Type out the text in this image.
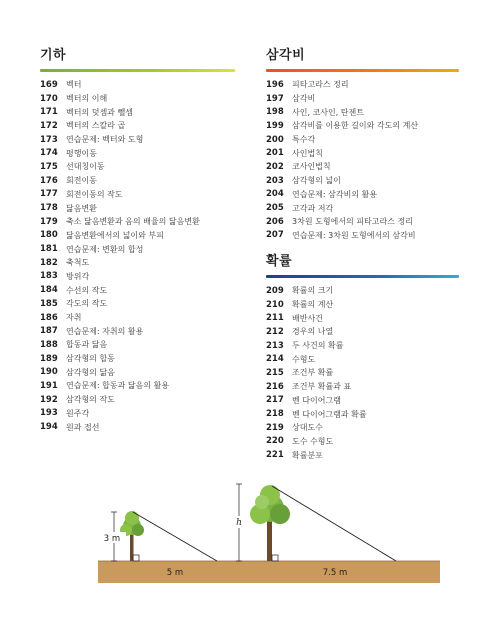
기하
169	벡터
170	벡터의 이해
171	벡터의 덧셈과 뺄셈
172	벡터의 스칼라 곱
173	연습문제: 벡터와 도형
174	평행이동
175	선대칭이동
176	회전이동
177	회전이동의 작도
178	닮음변환
179	축소 닮음변환과 음의 배율의 닮음변환
180	닮음변환에서의 넓이와 부피
181	연습문제: 변환의 합성
182	축척도
183	방위각
184	수선의 작도
185	각도의 작도
186	자취
187	연습문제: 자취의 활용
188	합동과 닮음
189	삼각형의 합동
190	삼각형의 닮음
191	연습문제: 합동과 닮음의 활용
192	삼각형의 작도
193	원주각
194	원과 접선
삼각비
196	피타고라스 정리
197	삼각비
198	사인, 코사인, 탄젠트
199	삼각비를 이용한 길이와 각도의 계산
200	특수각
201	사인법칙
202	코사인법칙
203	삼각형의 넓이
204	연습문제: 삼각비의 활용
205	고각과 저각
206	3차원 도형에서의 피타고라스 정리
207	연습문제: 3차원 도형에서의 삼각비
확률
209	확률의 크기
210	확률의 계산
211	배반사건
212	경우의 나열
213	두 사건의 확률
214	수형도
215	조건부 확률
216	조건부 확률과 표
217	벤 다이어그램
218	벤 다이어그램과 확률
219	상대도수
220	도수 수형도
221	확률분포
3 m
5 m
h
7.5 m
